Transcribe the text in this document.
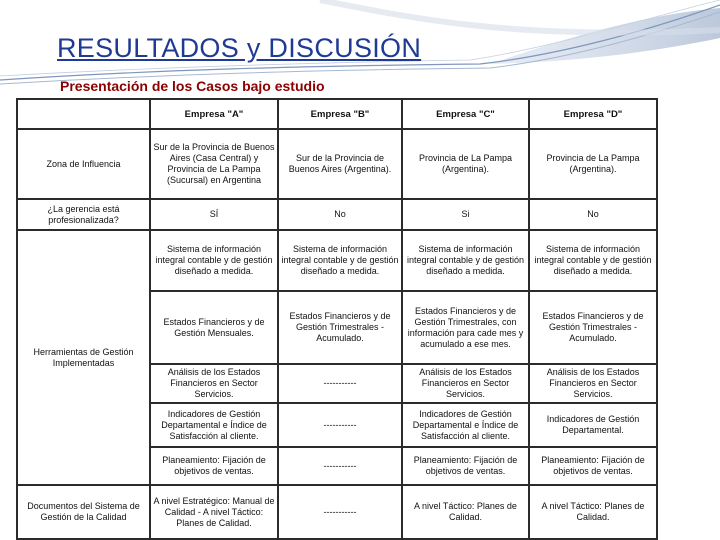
RESULTADOS y DISCUSIÓN
Presentación de los Casos bajo estudio
	Empresa "A"	Empresa "B"	Empresa "C"	Empresa "D"
Zona de Influencia	Sur de la Provincia de Buenos Aires (Casa Central) y Provincia de La Pampa (Sucursal) en Argentina	Sur de la Provincia de Buenos Aires (Argentina).	Provincia de La Pampa (Argentina).	Provincia de La Pampa (Argentina).
¿La gerencia está profesionalizada?	SÍ	No	Si	No
Herramientas de Gestión Implementadas	Sistema de información integral contable y de gestión diseñado a medida.	Sistema de información integral contable y de gestión diseñado a medida.	Sistema de información integral contable y de gestión diseñado a medida.	Sistema de información integral contable y de gestión diseñado a medida.
	Estados Financieros y de Gestión Mensuales.	Estados Financieros y de Gestión Trimestrales - Acumulado.	Estados Financieros y de Gestión Trimestrales, con información para cade mes y acumulado a ese mes.	Estados Financieros y de Gestión Trimestrales - Acumulado.
	Análisis de los Estados Financieros en Sector Servicios.	-----------	Análisis de los Estados Financieros en Sector Servicios.	Análisis de los Estados Financieros en Sector Servicios.
	Indicadores de Gestión Departamental e Índice de Satisfacción al cliente.	-----------	Indicadores de Gestión Departamental e Índice de Satisfacción al cliente.	Indicadores de Gestión Departamental.
	Planeamiento: Fijación de objetivos de ventas.	-----------	Planeamiento: Fijación de objetivos de ventas.	Planeamiento: Fijación de objetivos de ventas.
Documentos del Sistema de Gestión de la Calidad	A nivel Estratégico: Manual de Calidad - A nivel Táctico: Planes de Calidad.	-----------	A nivel Táctico: Planes de Calidad.	A nivel Táctico: Planes de Calidad.
